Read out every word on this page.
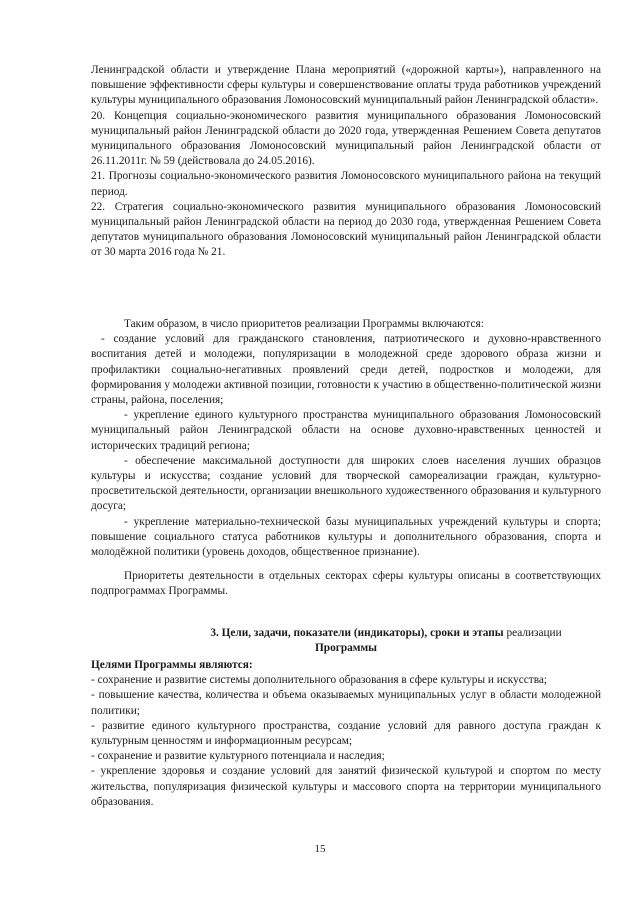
Ленинградской области и утверждение Плана мероприятий («дорожной карты»), направленного на повышение эффективности сферы культуры и совершенствование оплаты труда работников учреждений культуры муниципального образования Ломоносовский муниципальный район Ленинградской области».

20. Концепция социально-экономического развития муниципального образования Ломоносовский муниципальный район Ленинградской области до 2020 года, утвержденная Решением Совета депутатов муниципального образования Ломоносовский муниципальный район Ленинградской области от 26.11.2011г. № 59 (действовала до 24.05.2016).

21. Прогнозы социально-экономического развития Ломоносовского муниципального района на текущий период.

22. Стратегия социально-экономического развития муниципального образования Ломоносовский муниципальный район Ленинградской области на период до 2030 года, утвержденная Решением Совета депутатов муниципального образования Ломоносовский муниципальный район Ленинградской области от 30 марта 2016 года № 21.

Таким образом, в число приоритетов реализации Программы включаются:

- создание условий для гражданского становления, патриотического и духовно-нравственного воспитания детей и молодежи, популяризации в молодежной среде здорового образа жизни и профилактики социально-негативных проявлений среди детей, подростков и молодежи, для формирования у молодежи активной позиции, готовности к участию в общественно-политической жизни страны, района, поселения;

- укрепление единого культурного пространства муниципального образования Ломоносовский муниципальный район Ленинградской области на основе духовно-нравственных ценностей и исторических традиций региона;

- обеспечение максимальной доступности для широких слоев населения лучших образцов культуры и искусства; создание условий для творческой самореализации граждан, культурно-просветительской деятельности, организации внешкольного художественного образования и культурного досуга;

- укрепление материально-технической базы муниципальных учреждений культуры и спорта; повышение социального статуса работников культуры и дополнительного образования, спорта и молодёжной политики (уровень доходов, общественное признание).

Приоритеты деятельности в отдельных секторах сферы культуры описаны в соответствующих подпрограммах Программы.

3. Цели, задачи, показатели (индикаторы), сроки и этапы реализации
Программы

Целями Программы являются:

- сохранение и развитие системы дополнительного образования в сфере культуры и искусства;

- повышение качества, количества и объема оказываемых муниципальных услуг в области молодежной политики;

- развитие единого культурного пространства, создание условий для равного доступа граждан к культурным ценностям и информационным ресурсам;

- сохранение и развитие культурного потенциала и наследия;

- укрепление здоровья и создание условий для занятий физической культурой и спортом по месту жительства, популяризация физической культуры и массового спорта на территории муниципального образования.

15
